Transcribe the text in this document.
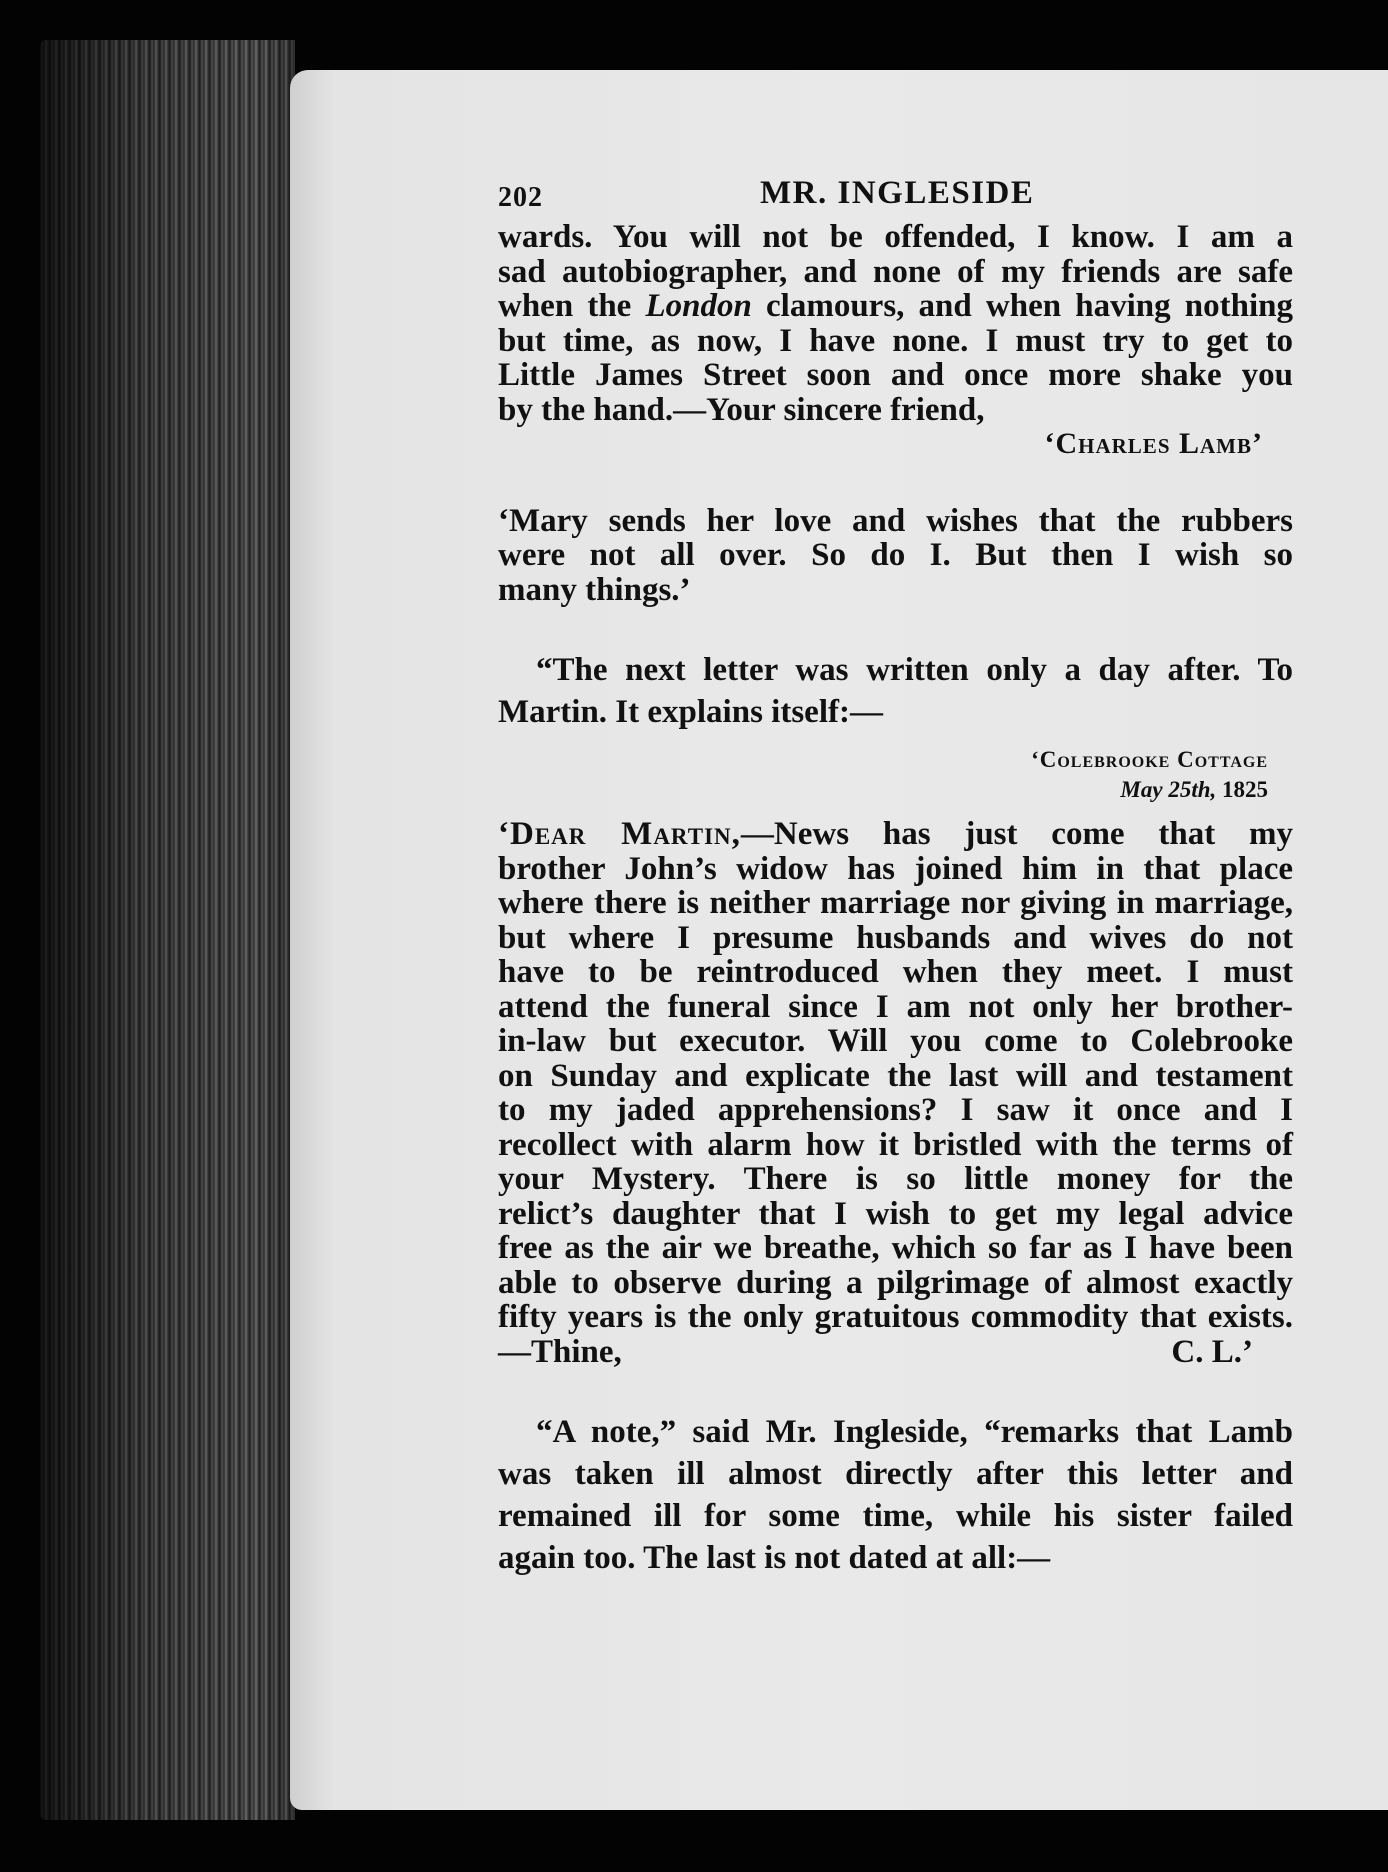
202	MR. INGLESIDE
wards. You will not be offended, I know. I am a
sad autobiographer, and none of my friends are safe
when the London clamours, and when having nothing
but time, as now, I have none. I must try to get to
Little James Street soon and once more shake you
by the hand.—Your sincere friend,
‘Charles Lamb’
‘Mary sends her love and wishes that the rubbers
were not all over. So do I. But then I wish so
many things.’
“The next letter was written only a day after. To
Martin. It explains itself:—
‘Colebrooke Cottage
May 25th, 1825
‘Dear Martin,—News has just come that my
brother John’s widow has joined him in that place
where there is neither marriage nor giving in marriage,
but where I presume husbands and wives do not
have to be reintroduced when they meet. I must
attend the funeral since I am not only her brother-
in-law but executor. Will you come to Colebrooke
on Sunday and explicate the last will and testament
to my jaded apprehensions? I saw it once and I
recollect with alarm how it bristled with the terms of
your Mystery. There is so little money for the
relict’s daughter that I wish to get my legal advice
free as the air we breathe, which so far as I have been
able to observe during a pilgrimage of almost exactly
fifty years is the only gratuitous commodity that exists.
—Thine,	C. L.’
“A note,” said Mr. Ingleside, “remarks that Lamb
was taken ill almost directly after this letter and
remained ill for some time, while his sister failed
again too. The last is not dated at all:—
